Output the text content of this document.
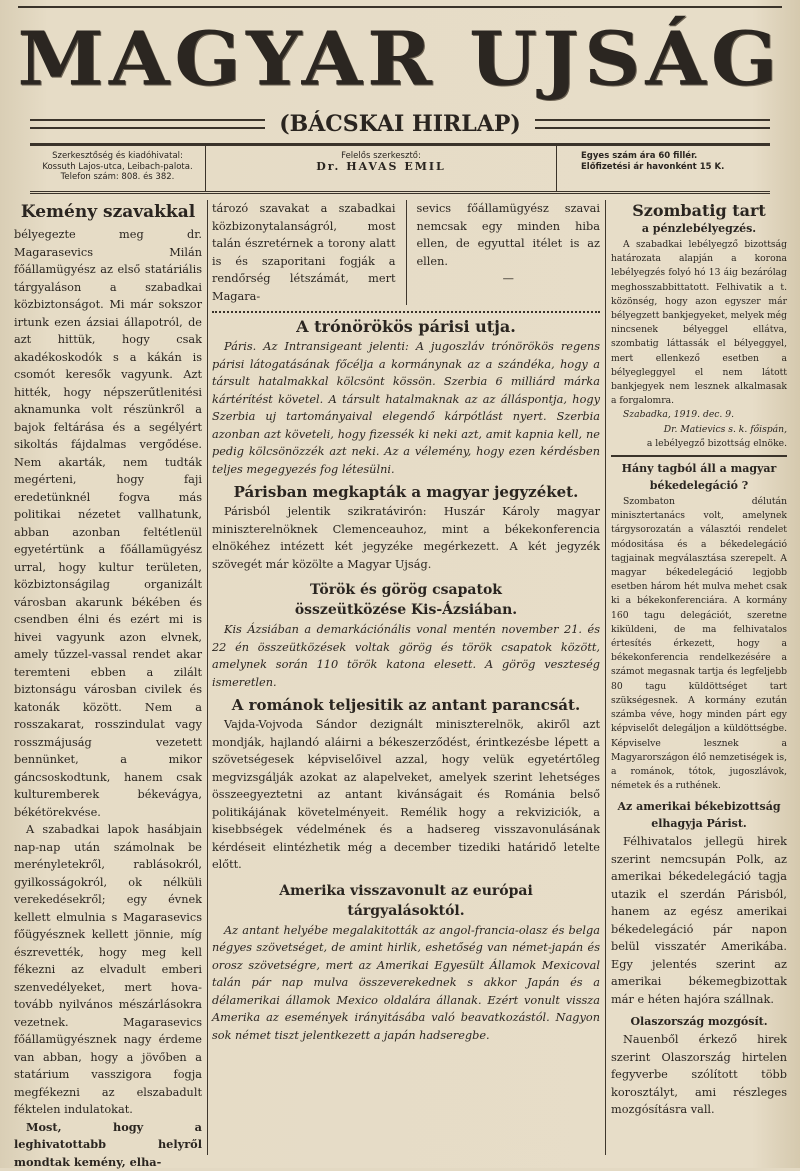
MAGYAR UJSÁG
(BÁCSKAI HIRLAP)
Szerkesztőség és kiadóhivatal:
Kossuth Lajos-utca, Leibach-palota.
Telefon szám: 808. és 382.
Felelős szerkesztő:
Dr. HAVAS EMIL
Egyes szám ára 60 fillér.
Előfizetési ár havonként 15 K.
Kemény szavakkal

bélyegezte meg dr. Magarasevics Milán főállamügyész az első statáriális tárgyaláson a szabadkai közbiztonságot. Mi már sokszor irtunk ezen ázsiai állapotról, de azt hittük, hogy csak akadékoskodók s a kákán is csomót keresők vagyunk. Azt hitték, hogy népszerűtlenitési aknamunka volt részünkről a bajok feltárása és a segélyért sikoltás fájdalmas vergődése. Nem akarták, nem tudták megérteni, hogy faji eredetünknél fogva más politikai nézetet vallhatunk, abban azonban feltétlenül egyetértünk a főállamügyész urral, hogy kultur területen, közbiztonságilag organizált városban akarunk békében és csendben élni és ezért mi is hivei vagyunk azon elvnek, amely tűzzel-vassal rendet akar teremteni ebben a zilált biztonságu városban civilek és katonák között. Nem a rosszakarat, rosszindulat vagy rosszmájuság vezetett bennünket, a mikor gáncsoskodtunk, hanem csak kulturemberek békevágya, békétörekvése.

A szabadkai lapok hasábjain nap-nap után számolnak be merényletekről, rablásokról, gyilkosságokról, ok nélküli verekedésekről; egy évnek kellett elmulnia s Magarasevics főügyésznek kellett jönnie, míg észrevették, hogy meg kell fékezni az elvadult emberi szenvedélyeket, mert hova-tovább nyilvános mészárlásokra vezetnek. Magarasevics főállamügyésznek nagy érdeme van abban, hogy a jövőben a statárium vasszigora fogja megfékezni az elszabadult féktelen indulatokat.

Most, hogy a leghivatottabb helyről mondtak kemény, elha-

tározó szavakat a szabadkai közbizonytalanságról, most talán észretérnek a torony alatt is és szaporitani fogják a rendőrség létszámát, mert Magara-

sevics főállamügyész szavai nemcsak egy minden hiba ellen, de egyuttal itélet is az ellen.

—
A trónörökös párisi utja.

Páris. Az Intransigeant jelenti: A jugoszláv trónörökös regens párisi látogatásának főcélja a kormánynak az a szándéka, hogy a társult hatalmakkal kölcsönt kössön. Szerbia 6 milliárd márka kártérítést követel. A társult hatalmaknak az az álláspontja, hogy Szerbia uj tartományaival elegendő kárpótlást nyert. Szerbia azonban azt követeli, hogy fizessék ki neki azt, amit kapnia kell, ne pedig kölcsönözzék azt neki. Az a vélemény, hogy ezen kérdésben teljes megegyezés fog létesülni.

Párisban megkapták a magyar jegyzéket.

Párisból jelentik szikratávirón: Huszár Károly magyar miniszterelnöknek Clemenceauhoz, mint a békekonferencia elnökéhez intézett két jegyzéke megérkezett. A két jegyzék szövegét már közölte a Magyar Ujság.

Török és görög csapatok
összeütközése Kis-Ázsiában.

Kis Ázsiában a demarkációnális vonal mentén november 21. és 22 én összeütközések voltak görög és török csapatok között, amelynek során 110 török katona elesett. A görög veszteség ismeretlen.

A románok teljesitik az antant parancsát.

Vajda-Vojvoda Sándor dezignált miniszterelnök, akiről azt mondják, hajlandó aláirni a békeszerződést, érintkezésbe lépett a szövetségesek képviselőivel azzal, hogy velük egyetértőleg megvizsgálják azokat az alapelveket, amelyek szerint lehetséges összeegyeztetni az antant kivánságait és Románia belső politikájának követelményeit. Remélik hogy a rekviziciók, a kisebbségek védelmének és a hadsereg visszavonulásának kérdéseit elintézhetik még a december tizediki határidő letelte előtt.

Amerika visszavonult az európai
tárgyalásoktól.

Az antant helyébe megalakitották az angol-francia-olasz és belga négyes szövetséget, de amint hirlik, eshetőség van német-japán és orosz szövetségre, mert az Amerikai Egyesült Államok Mexicoval talán pár nap mulva összeverekednek s akkor Japán és a délamerikai államok Mexico oldalára állanak. Ezért vonult vissza Amerika az események irányitásába való beavatkozástól. Nagyon sok német tiszt jelentkezett a japán hadseregbe.

Szombatig tart
a pénzlebélyegzés.

A szabadkai lebélyegző bizottság határozata alapján a korona lebélyegzés folyó hó 13 áig bezárólag meghosszabbittatott. Felhivatik a t. közönség, hogy azon egyszer már bélyegzett bankjegyeket, melyek még nincsenek bélyeggel ellátva, szombatig láttassák el bélyeggyel, mert ellenkező esetben a bélyegleggyel el nem látott bankjegyek nem lesznek alkalmasak a forgalomra.

Szabadka, 1919. dec. 9.

Dr. Matievics s. k. főispán,

a lebélyegző bizottság elnöke.

Hány tagból áll a magyar
békedelegáció ?

Szombaton délután minisztertanács volt, amelynek tárgysorozatán a választói rendelet módositása és a békedelegáció tagjainak megválasztása szerepelt. A magyar békedelegáció legjobb esetben három hét mulva mehet csak ki a békekonferenciára. A kormány 160 tagu delegációt, szeretne kiküldeni, de ma felhivatalos értesítés érkezett, hogy a békekonferencia rendelkezésére a számot megasnak tartja és legfeljebb 80 tagu küldöttséget tart szükségesnek. A kormány ezután számba véve, hogy minden párt egy képviselőt delegáljon a küldöttségbe. Képviselve lesznek a Magyarországon élő nemzetiségek is, a románok, tótok, jugoszlávok, németek és a ruthének.

Az amerikai békebizottság
elhagyja Párist.

Félhivatalos jellegü hirek szerint nemcsupán Polk, az amerikai békedelegáció tagja utazik el szerdán Párisból, hanem az egész amerikai békedelegáció pár napon belül visszatér Amerikába. Egy jelentés szerint az amerikai békemegbizottak már e héten hajóra szállnak.

Olaszország mozgósít.

Nauenből érkező hirek szerint Olaszország hirtelen fegyverbe szólított több korosztályt, ami részleges mozgósításra vall.
